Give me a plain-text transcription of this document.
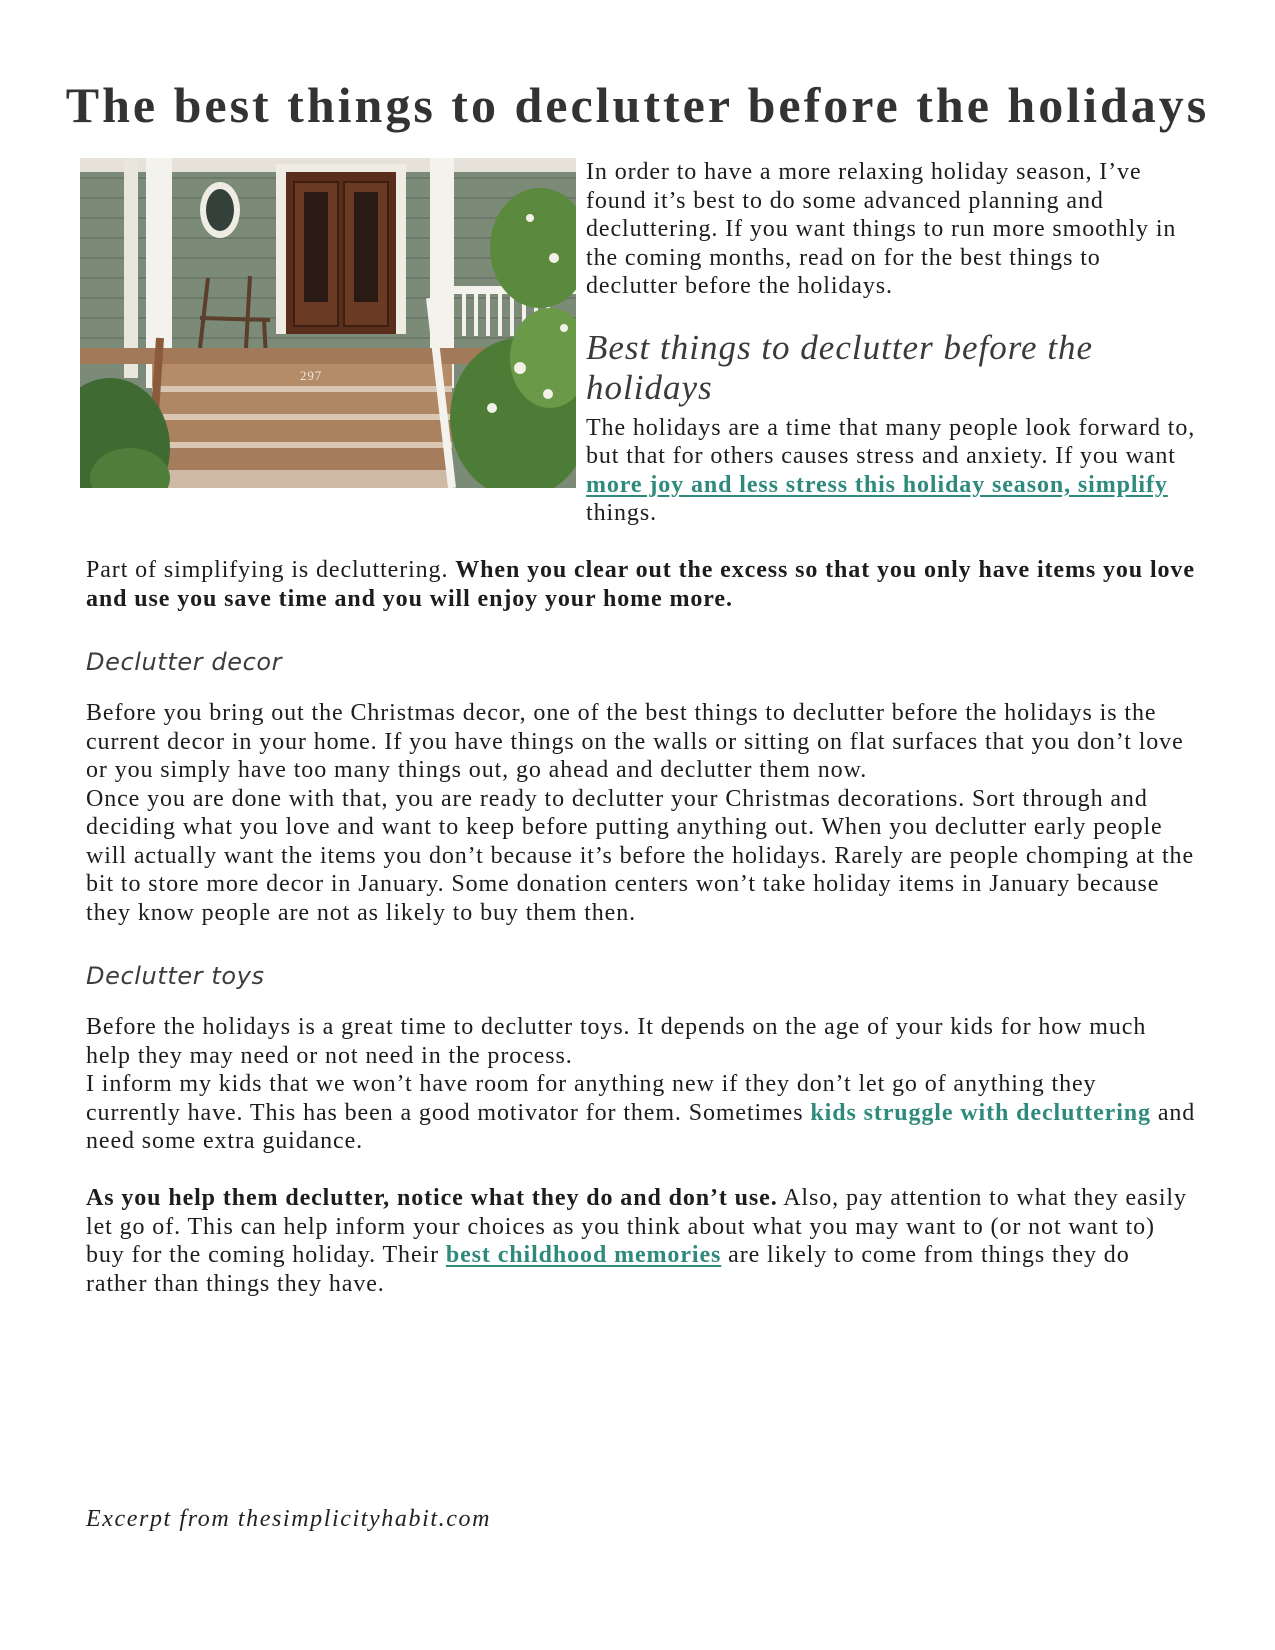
The best things to declutter before the holidays
297

In order to have a more relaxing holiday season, I’ve found it’s best to do some advanced planning and decluttering. If you want things to run more smoothly in the coming months, read on for the best things to declutter before the holidays.

Best things to declutter before the holidays

The holidays are a time that many people look forward to, but that for others causes stress and anxiety. If you want more joy and less stress this holiday season, simplify things.

Part of simplifying is decluttering. When you clear out the excess so that you only have items you love and use you save time and you will enjoy your home more.

Declutter decor

Before you bring out the Christmas decor, one of the best things to declutter before the holidays is the current decor in your home. If you have things on the walls or sitting on flat surfaces that you don’t love or you simply have too many things out, go ahead and declutter them now.

Once you are done with that, you are ready to declutter your Christmas decorations. Sort through and deciding what you love and want to keep before putting anything out. When you declutter early people will actually want the items you don’t because it’s before the holidays. Rarely are people chomping at the bit to store more decor in January. Some donation centers won’t take holiday items in January because they know people are not as likely to buy them then.

Declutter toys

Before the holidays is a great time to declutter toys. It depends on the age of your kids for how much help they may need or not need in the process.

I inform my kids that we won’t have room for anything new if they don’t let go of anything they currently have. This has been a good motivator for them. Sometimes kids struggle with decluttering and need some extra guidance.

As you help them declutter, notice what they do and don’t use. Also, pay attention to what they easily let go of. This can help inform your choices as you think about what you may want to (or not want to) buy for the coming holiday. Their best childhood memories are likely to come from things they do rather than things they have.

Excerpt from thesimplicityhabit.com
